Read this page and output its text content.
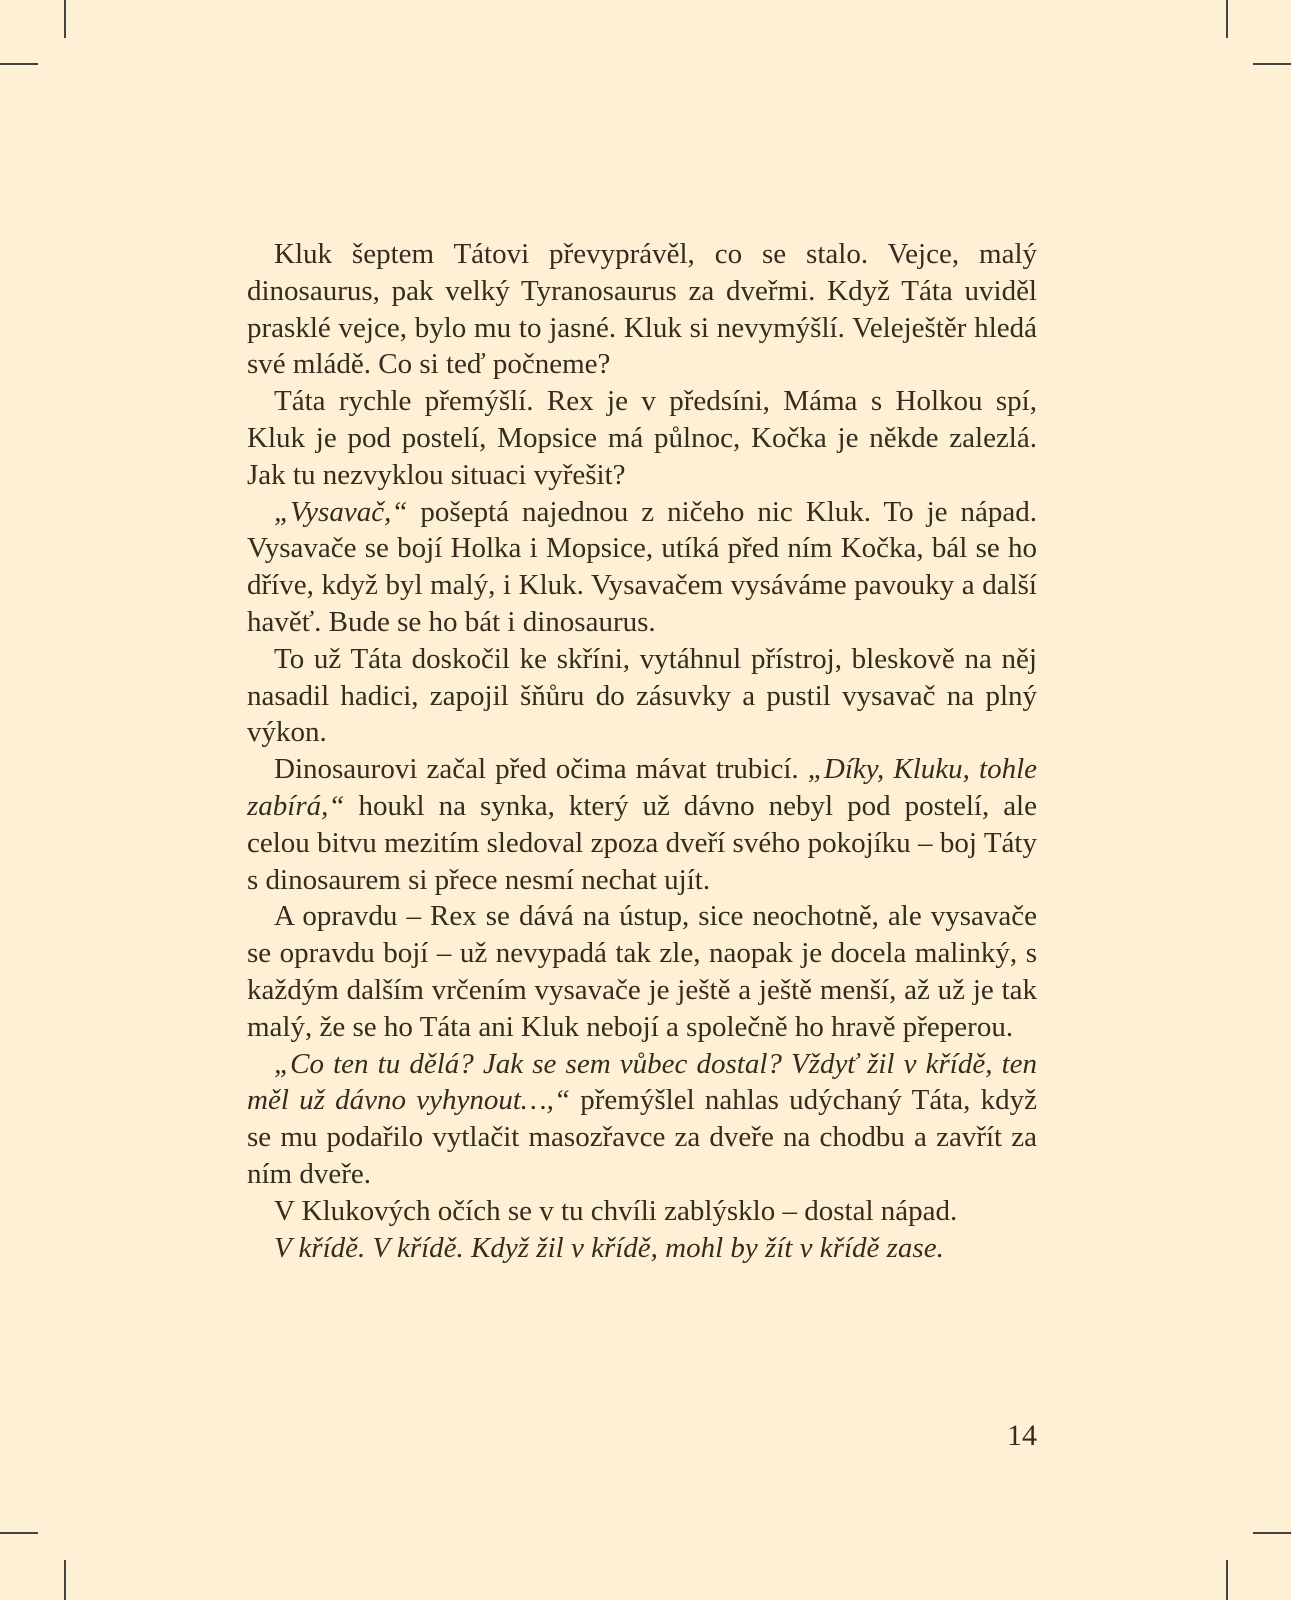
Kluk šeptem Tátovi převyprávěl, co se stalo. Vejce, malý dinosaurus, pak velký Tyranosaurus za dveřmi. Když Táta uviděl prasklé vejce, bylo mu to jasné. Kluk si nevymýšlí. Veleještěr hledá své mládě. Co si teď počneme?

Táta rychle přemýšlí. Rex je v předsíni, Máma s Holkou spí, Kluk je pod postelí, Mopsice má půlnoc, Kočka je někde zalezlá. Jak tu nezvyklou situaci vyřešit?

„Vysavač,“ pošeptá najednou z ničeho nic Kluk. To je nápad. Vysavače se bojí Holka i Mopsice, utíká před ním Kočka, bál se ho dříve, když byl malý, i Kluk. Vysavačem vysáváme pavouky a další havěť. Bude se ho bát i dinosaurus.

To už Táta doskočil ke skříni, vytáhnul přístroj, bleskově na něj nasadil hadici, zapojil šňůru do zásuvky a pustil vysavač na plný výkon.

Dinosaurovi začal před očima mávat trubicí. „Díky, Kluku, tohle zabírá,“ houkl na synka, který už dávno nebyl pod postelí, ale celou bitvu mezitím sledoval zpoza dveří svého pokojíku – boj Táty s dinosaurem si přece nesmí nechat ujít.

A opravdu – Rex se dává na ústup, sice neochotně, ale vysavače se opravdu bojí – už nevypadá tak zle, naopak je docela malinký, s každým dalším vrčením vysavače je ještě a ještě menší, až už je tak malý, že se ho Táta ani Kluk nebojí a společně ho hravě přeperou.

„Co ten tu dělá? Jak se sem vůbec dostal? Vždyť žil v křídě, ten měl už dávno vyhynout…,“ přemýšlel nahlas udýchaný Táta, když se mu podařilo vytlačit masozřavce za dveře na chodbu a zavřít za ním dveře.

V Klukových očích se v tu chvíli zablýsklo – dostal nápad.

V křídě. V křídě. Když žil v křídě, mohl by žít v křídě zase.

14
